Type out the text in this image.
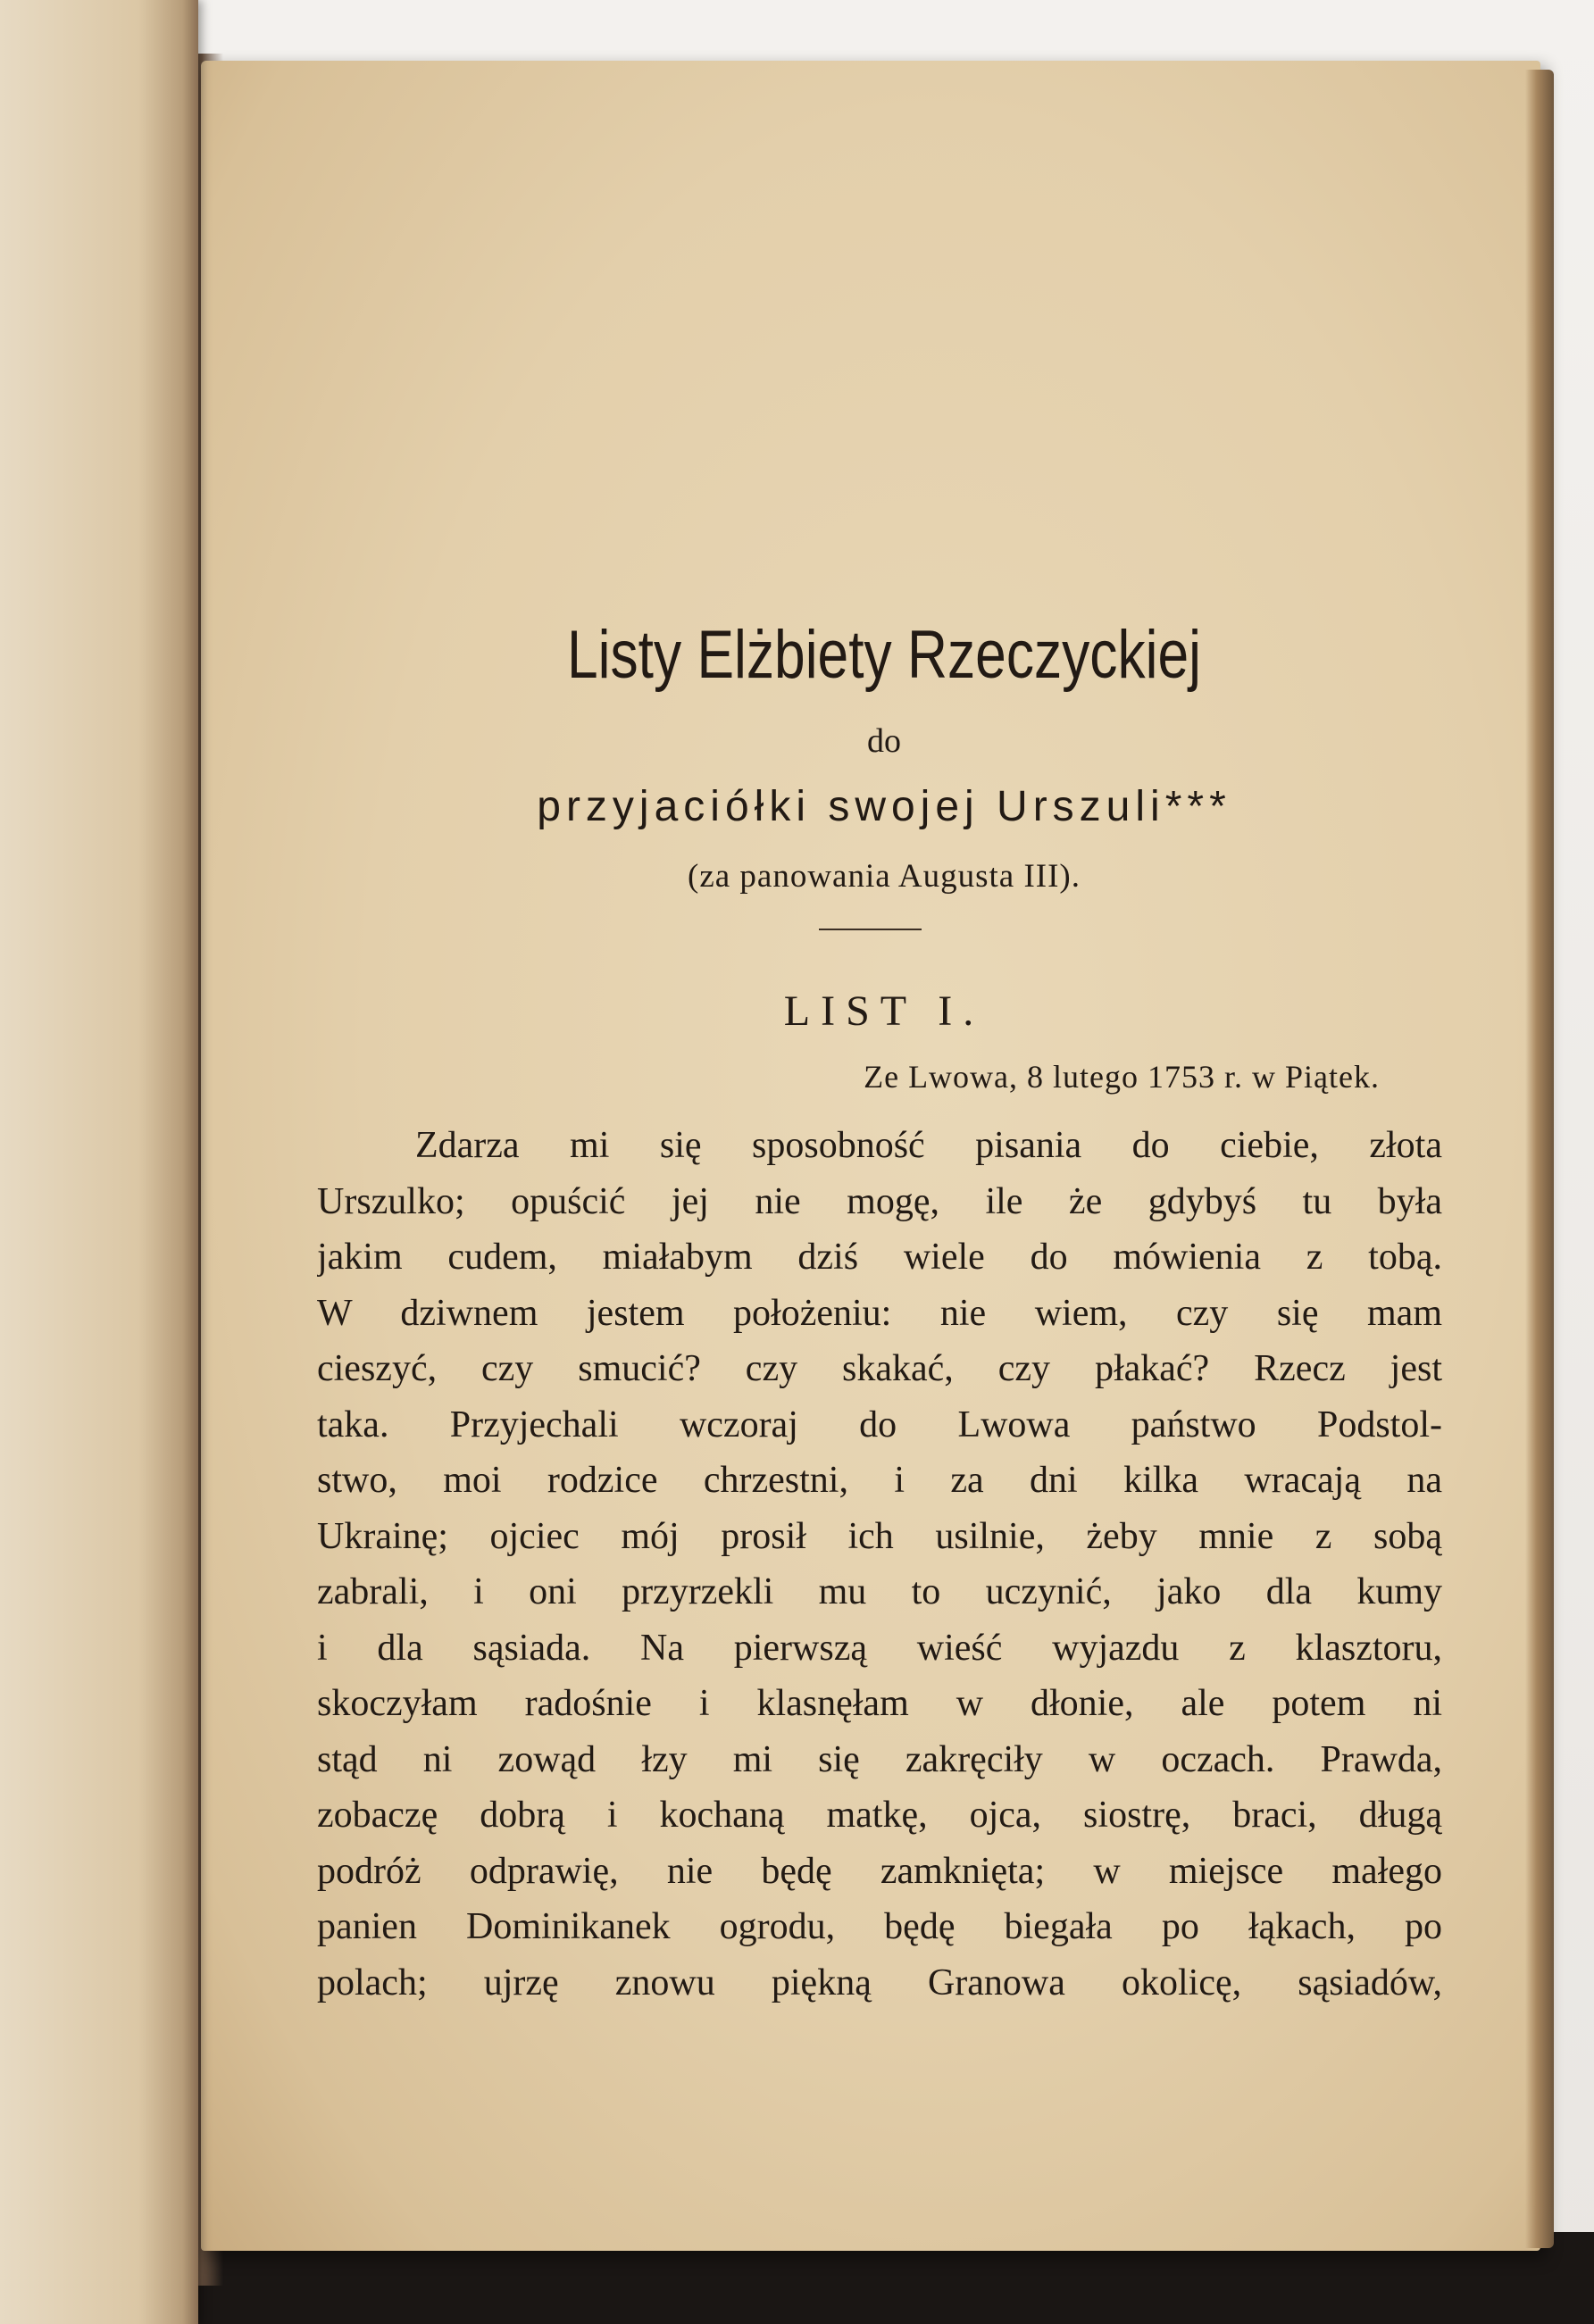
Listy Elżbiety Rzeczyckiej
do
przyjaciółki swojej Urszuli***
(za panowania Augusta III).
LIST I.
Ze Lwowa, 8 lutego 1753 r. w Piątek.
Zdarza mi się sposobność pisania do ciebie, złota
Urszulko; opuścić jej nie mogę, ile że gdybyś tu była
jakim cudem, miałabym dziś wiele do mówienia z tobą.
W dziwnem jestem położeniu: nie wiem, czy się mam
cieszyć, czy smucić? czy skakać, czy płakać? Rzecz jest
taka. Przyjechali wczoraj do Lwowa państwo Podstol-
stwo, moi rodzice chrzestni, i za dni kilka wracają na
Ukrainę; ojciec mój prosił ich usilnie, żeby mnie z sobą
zabrali, i oni przyrzekli mu to uczynić, jako dla kumy
i dla sąsiada. Na pierwszą wieść wyjazdu z klasztoru,
skoczyłam radośnie i klasnęłam w dłonie, ale potem ni
stąd ni zowąd łzy mi się zakręciły w oczach. Prawda,
zobaczę dobrą i kochaną matkę, ojca, siostrę, braci, długą
podróż odprawię, nie będę zamknięta; w miejsce małego
panien Dominikanek ogrodu, będę biegała po łąkach, po
polach; ujrzę znowu piękną Granowa okolicę, sąsiadów,
